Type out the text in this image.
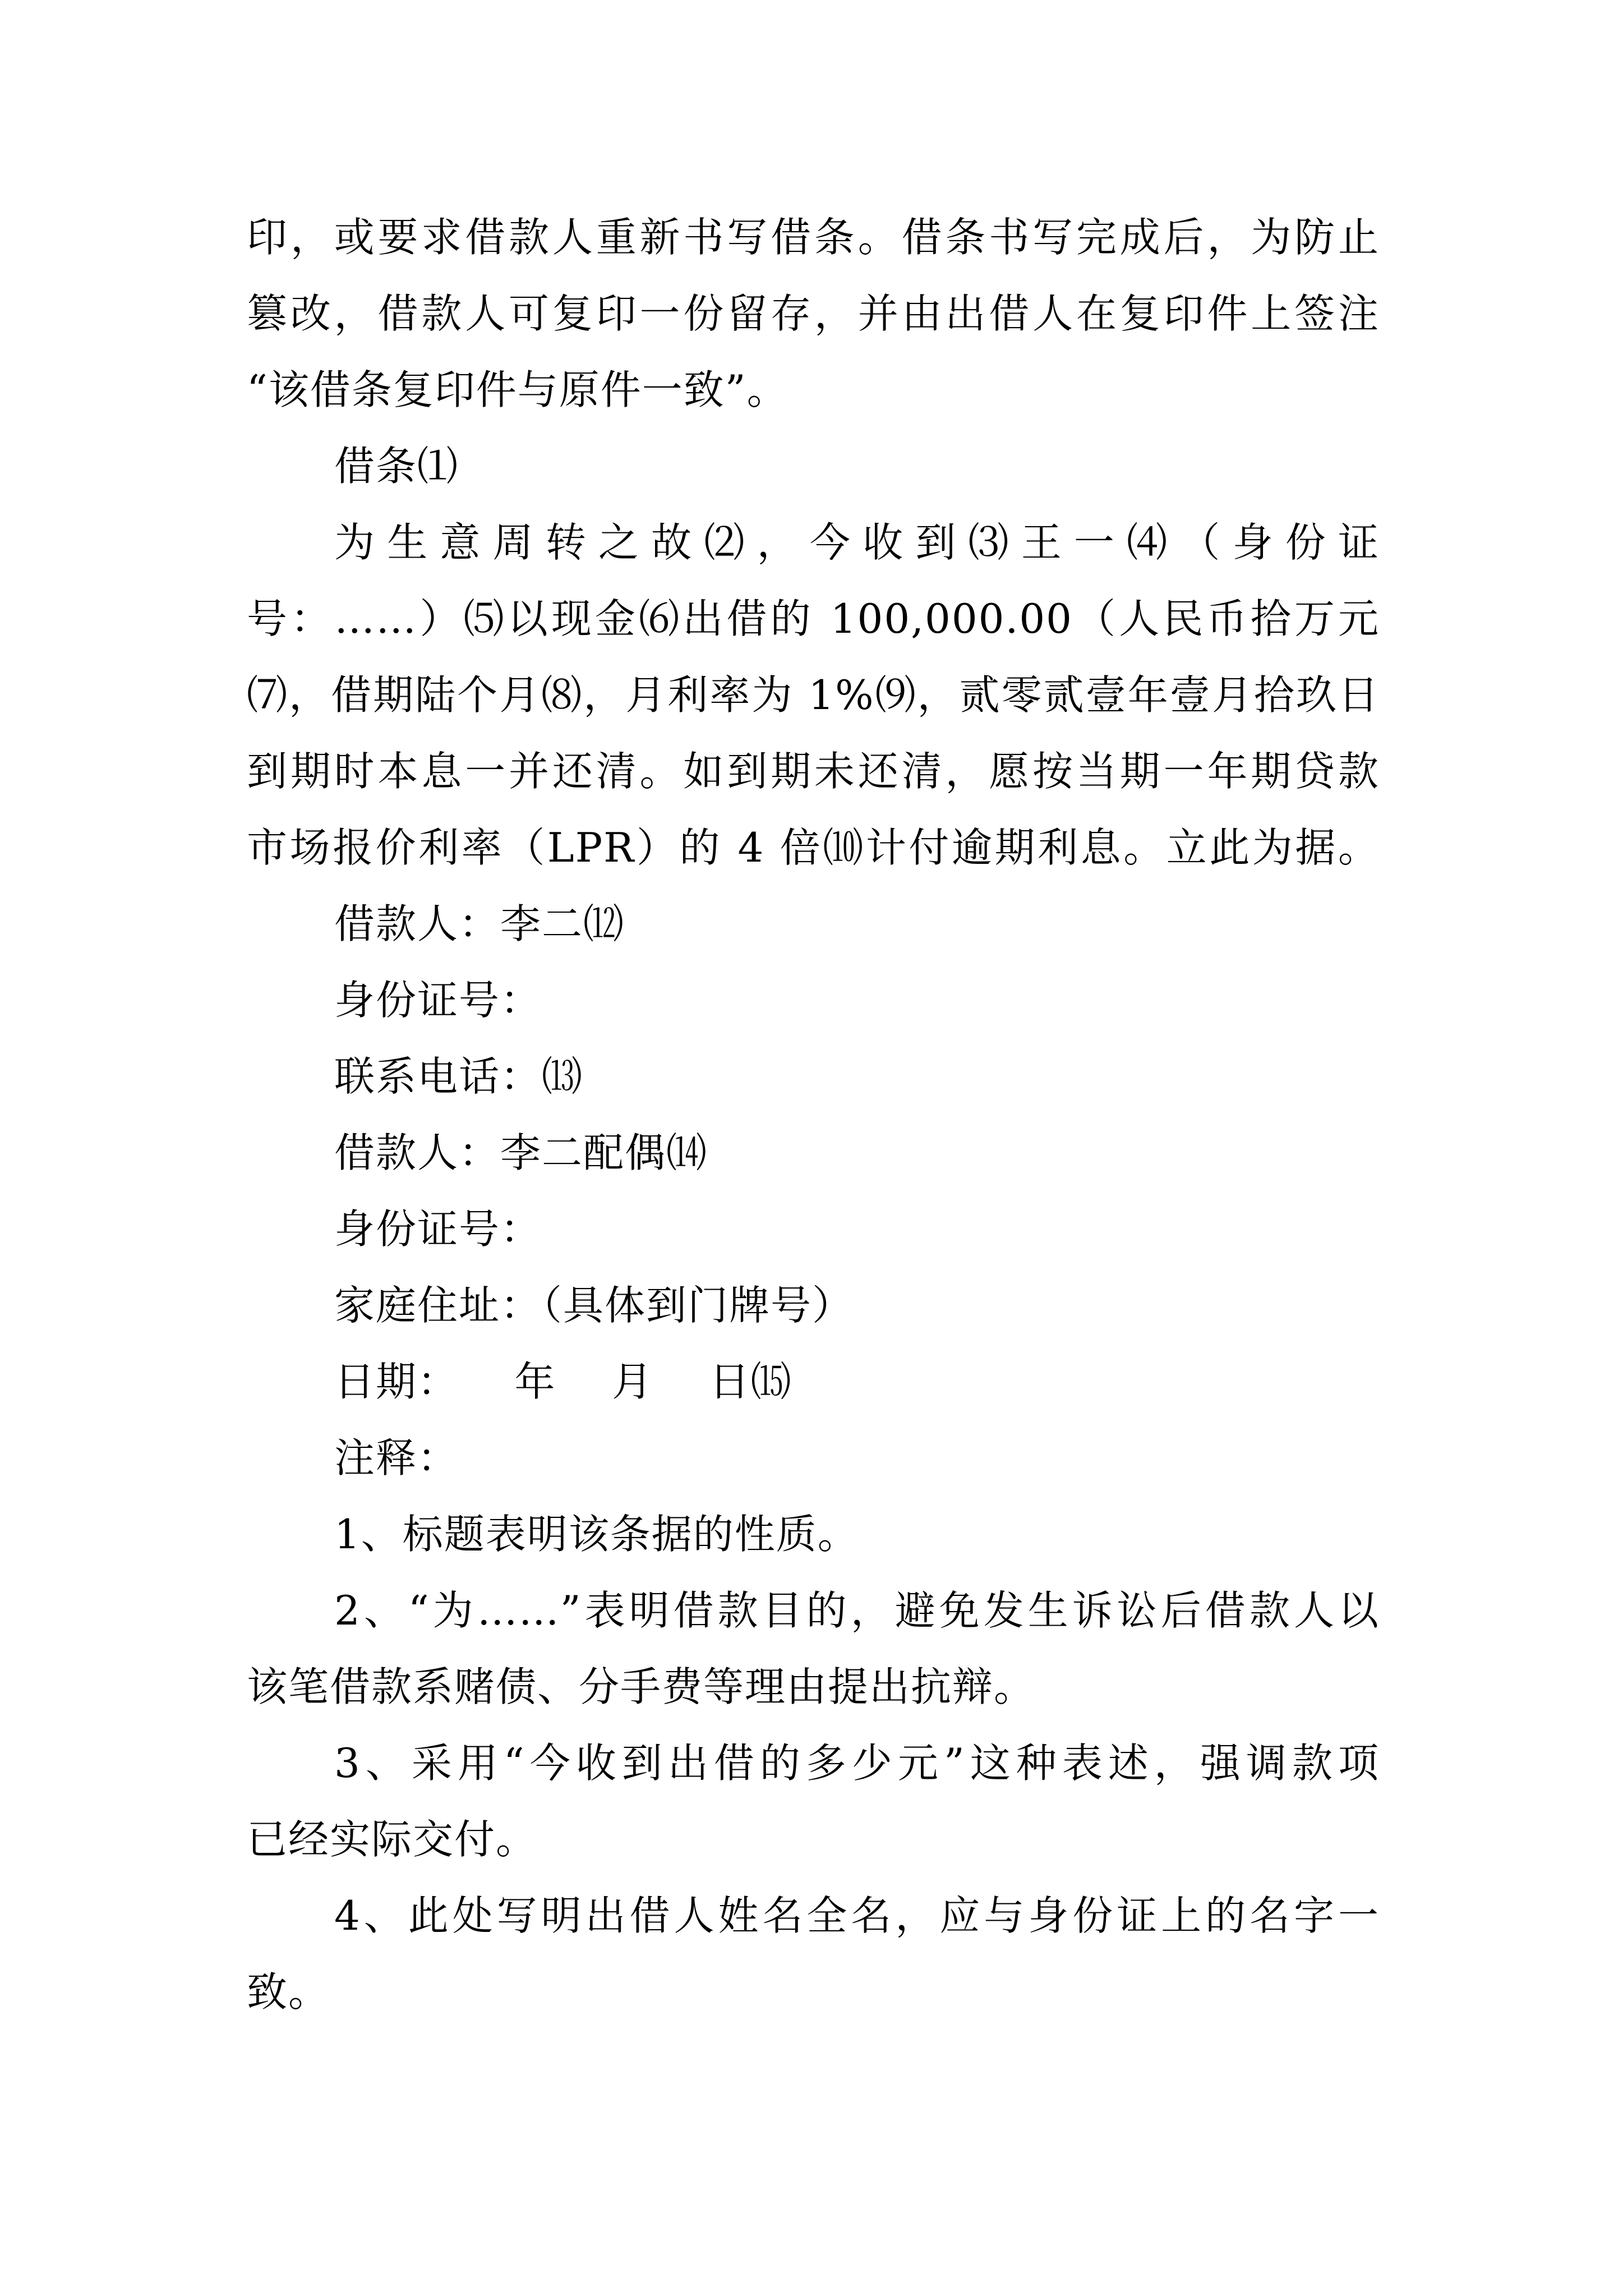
印，或要求借款人重新书写借条。借条书写完成后，为防止
篡改，借款人可复印一份留存，并由出借人在复印件上签注
“该借条复印件与原件一致”。
借条⑴
为生意周转之故⑵，今收到⑶王一⑷（身份证
号：……）⑸以现金⑹出借的 100,000.00（人民币拾万元
⑺，借期陆个月⑻，月利率为 1%⑼，贰零贰壹年壹月拾玖日
到期时本息一并还清。如到期未还清，愿按当期一年期贷款
市场报价利率（LPR）的 4 倍⑽计付逾期利息。立此为据。
借款人：李二⑿
身份证号：
联系电话：⒀
借款人：李二配偶⒁
身份证号：
家庭住址：（具体到门牌号）
日期：    年    月    日⒂
注释：
1、标题表明该条据的性质。
2、“为……”表明借款目的，避免发生诉讼后借款人以
该笔借款系赌债、分手费等理由提出抗辩。
3、采用“今收到出借的多少元”这种表述，强调款项
已经实际交付。
4、此处写明出借人姓名全名，应与身份证上的名字一
致。
